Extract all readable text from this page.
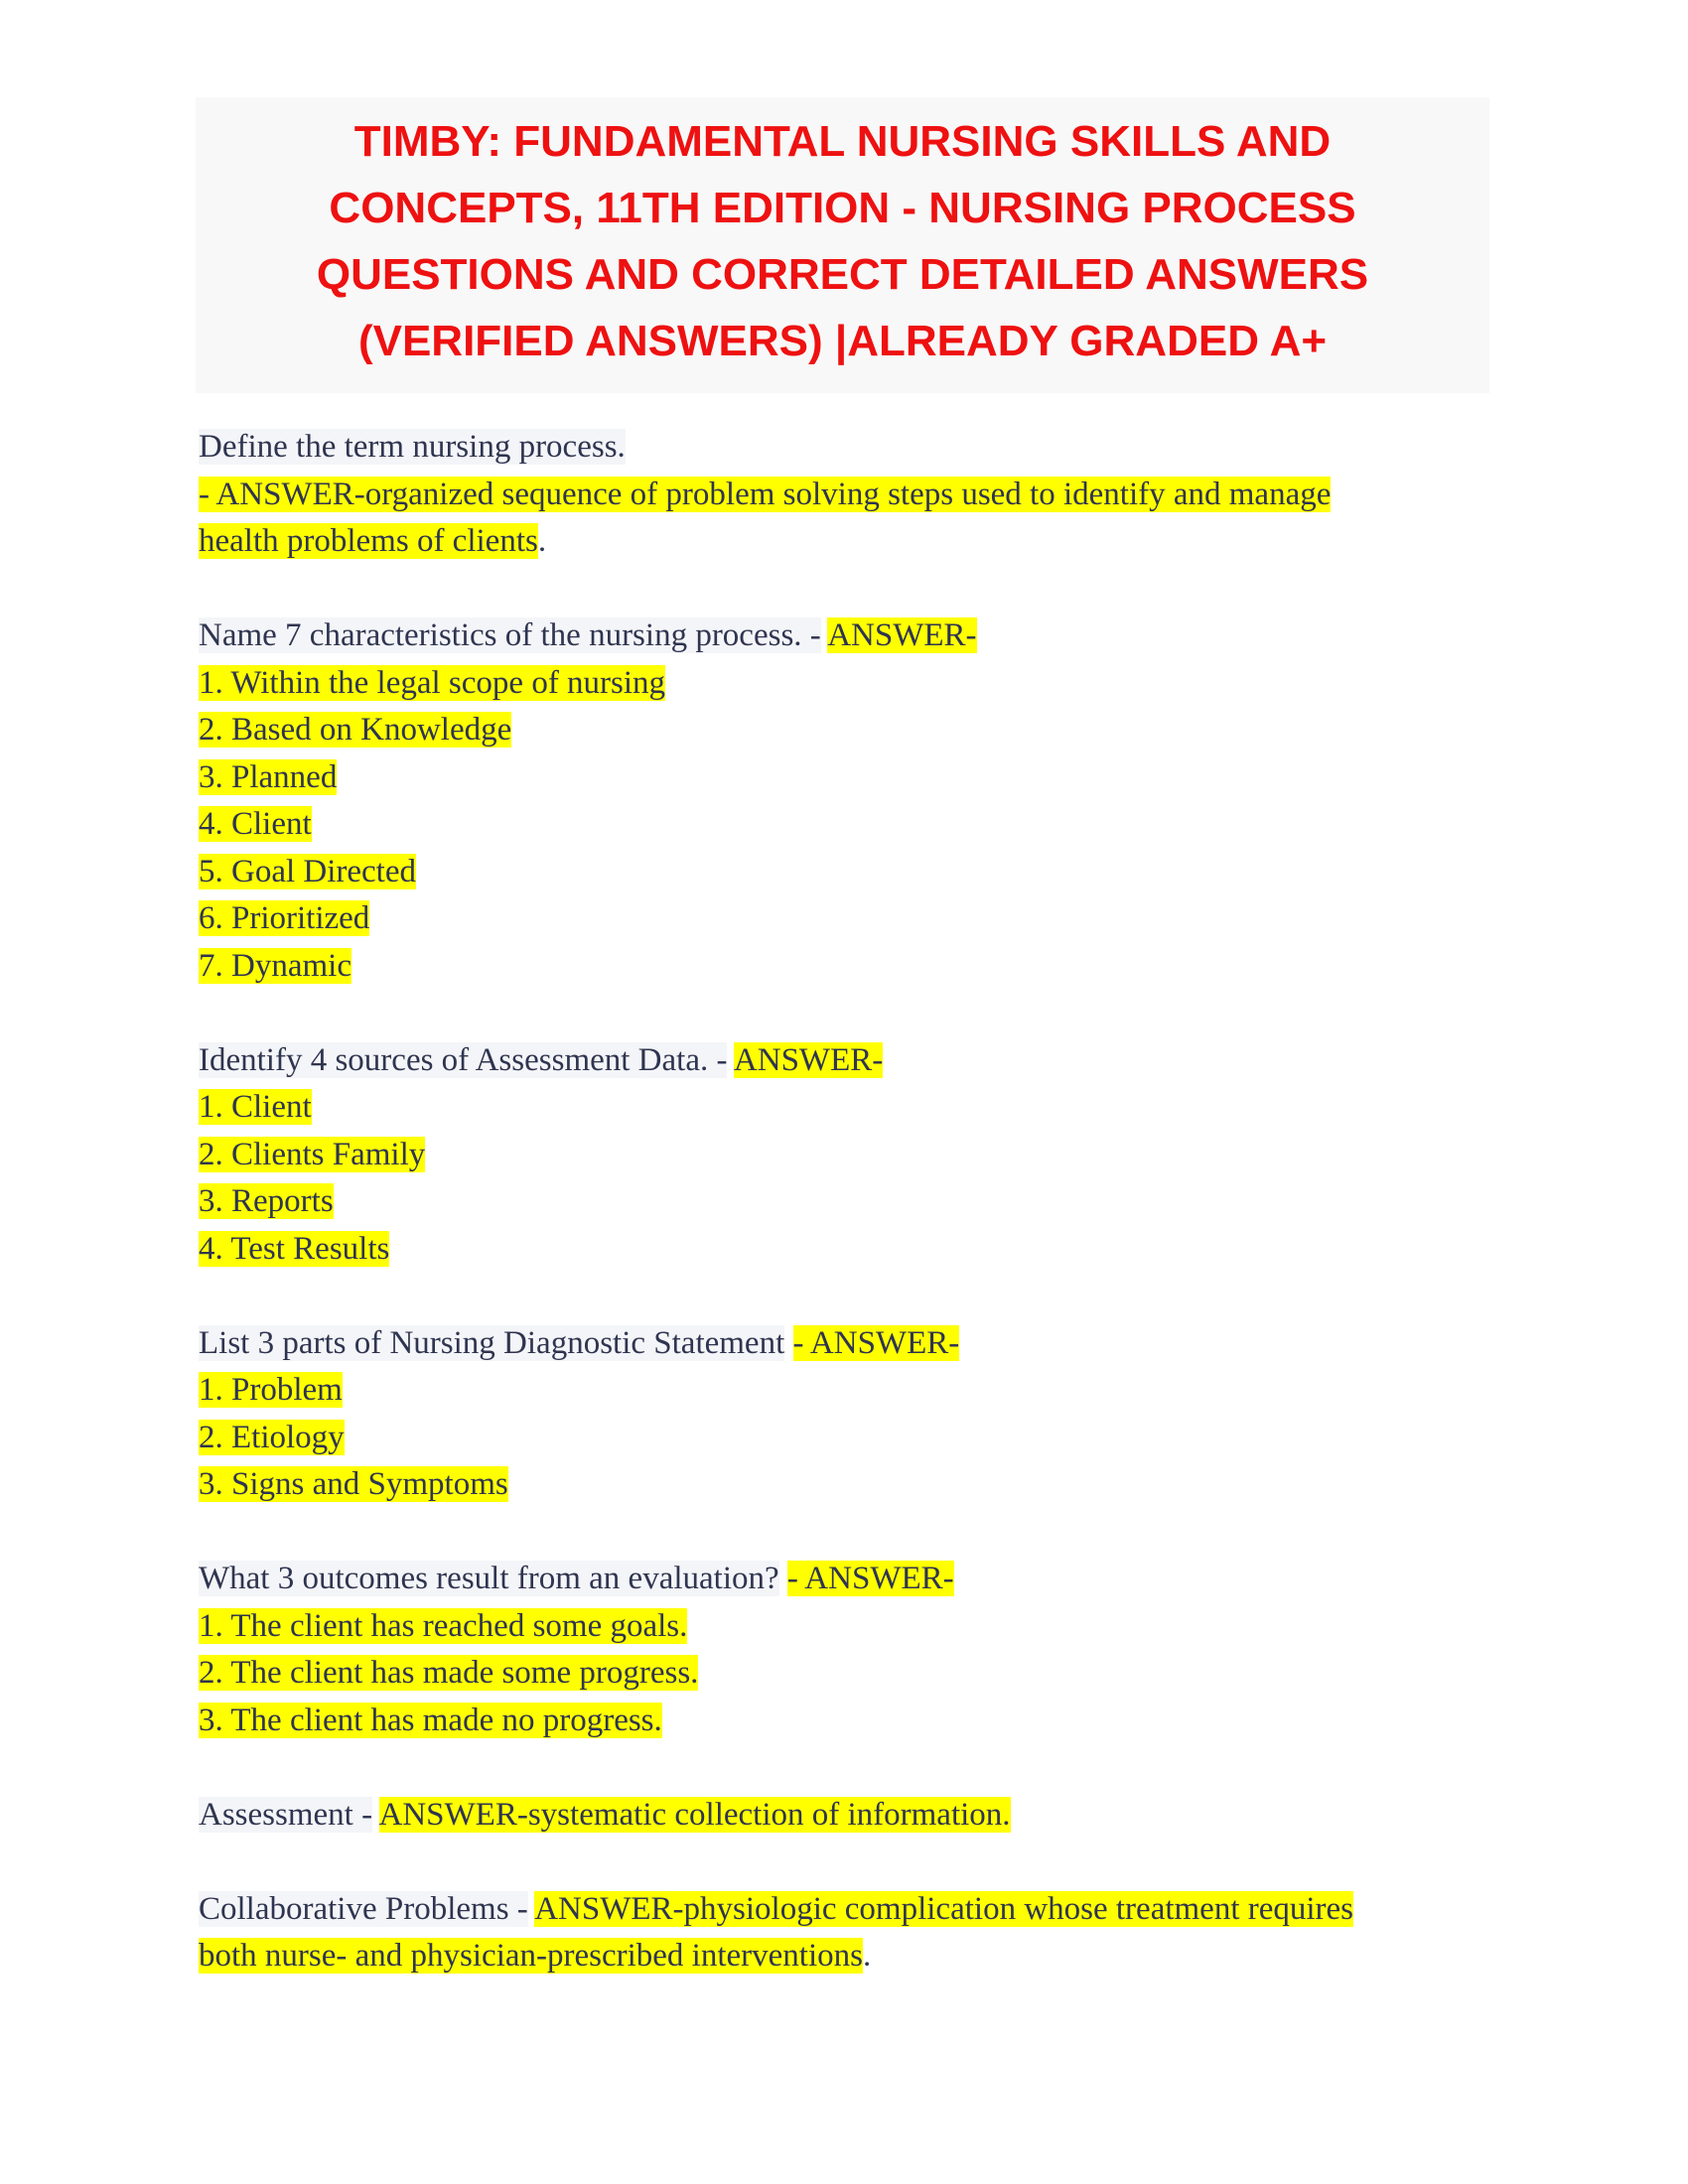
TIMBY: FUNDAMENTAL NURSING SKILLS AND
CONCEPTS, 11TH EDITION - NURSING PROCESS
QUESTIONS AND CORRECT DETAILED ANSWERS
(VERIFIED ANSWERS) |ALREADY GRADED A+
Define the term nursing process.
- ANSWER-organized sequence of problem solving steps used to identify and manage
health problems of clients.
Name 7 characteristics of the nursing process. - ANSWER-
1. Within the legal scope of nursing
2. Based on Knowledge
3. Planned
4. Client
5. Goal Directed
6. Prioritized
7. Dynamic
Identify 4 sources of Assessment Data. - ANSWER-
1. Client
2. Clients Family
3. Reports
4. Test Results
List 3 parts of Nursing Diagnostic Statement - ANSWER-
1. Problem
2. Etiology
3. Signs and Symptoms
What 3 outcomes result from an evaluation? - ANSWER-
1. The client has reached some goals.
2. The client has made some progress.
3. The client has made no progress.
Assessment - ANSWER-systematic collection of information.
Collaborative Problems - ANSWER-physiologic complication whose treatment requires
both nurse- and physician-prescribed interventions.
